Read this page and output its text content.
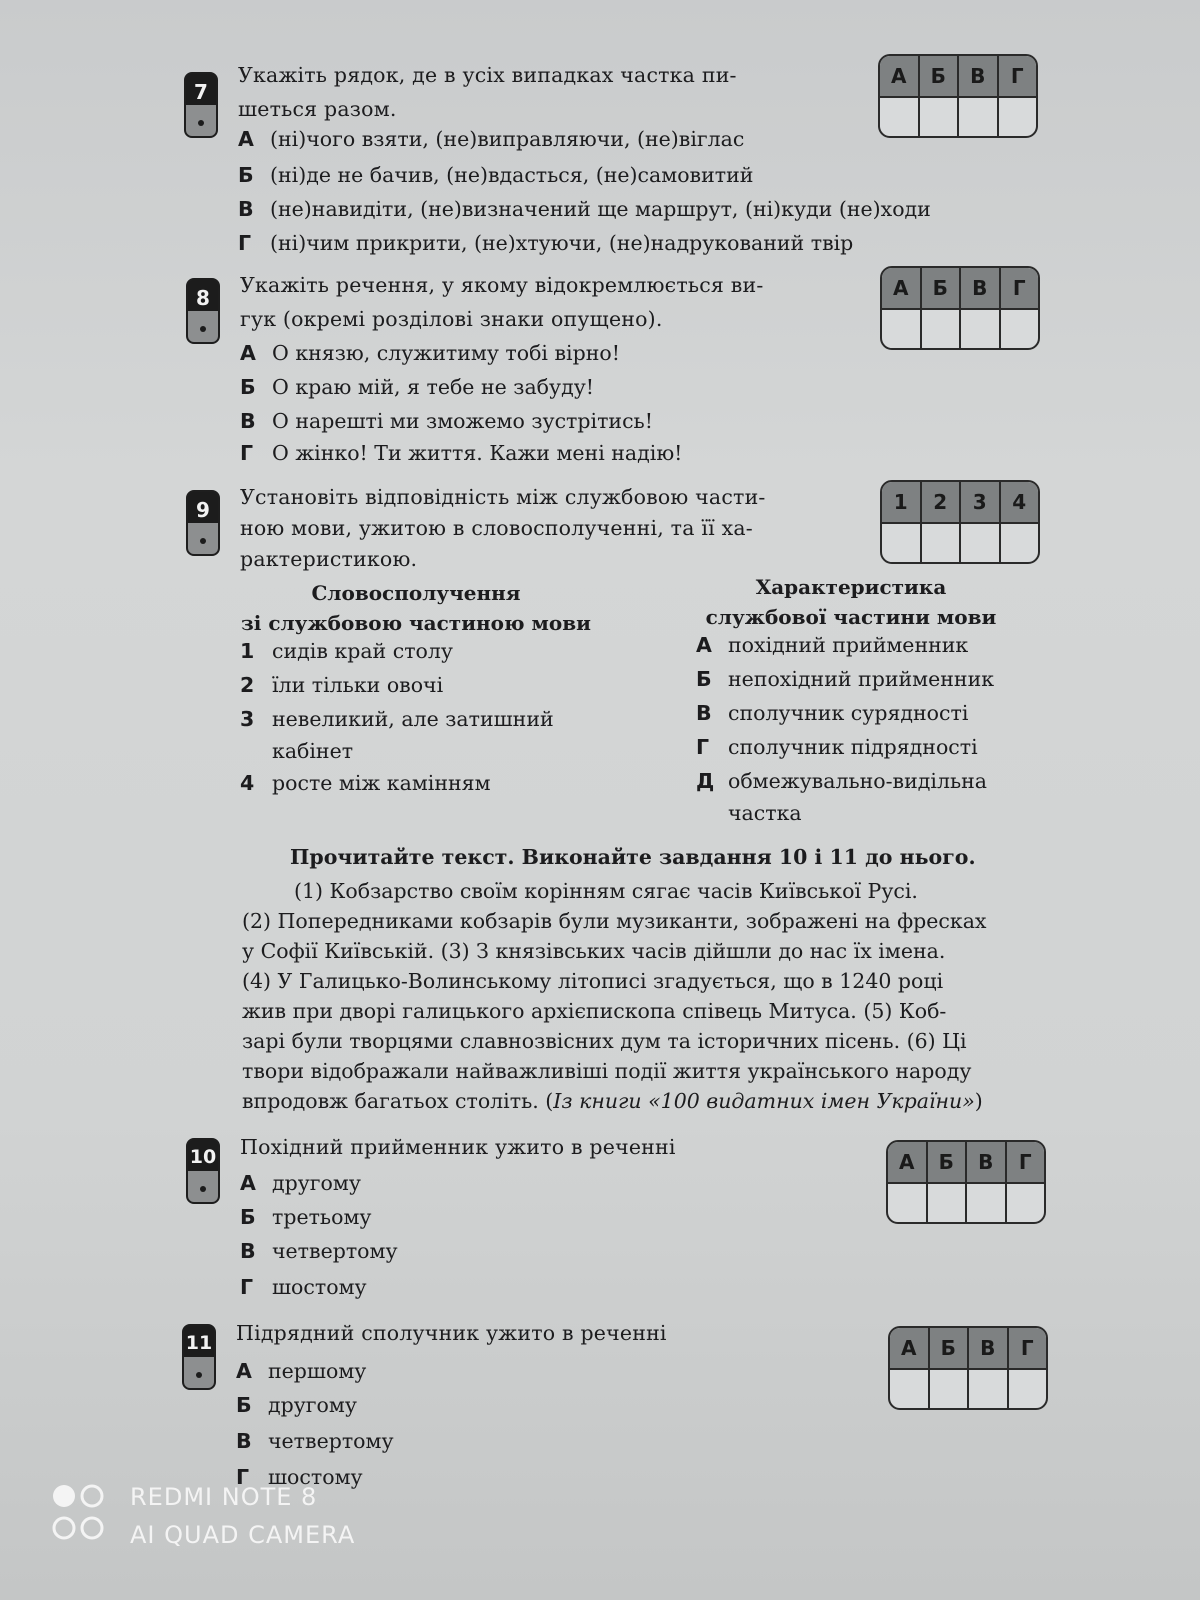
7
Укажіть рядок, де в усіх випадках частка пи-
шеться разом.
А (ні)чого взяти, (не)виправляючи, (не)віглас
Б (ні)де не бачив, (не)вдасться, (не)самовитий
В (не)навидіти, (не)визначений ще маршрут, (ні)куди (не)ходи
Г (ні)чим прикрити, (не)хтуючи, (не)надрукований твір
А	Б	В	Г
8
Укажіть речення, у якому відокремлюється ви-
гук (окремі розділові знаки опущено).
А О князю, служитиму тобі вірно!
Б О краю мій, я тебе не забуду!
В О нарешті ми зможемо зустрітись!
Г О жінко! Ти життя. Кажи мені надію!
А	Б	В	Г
9
Установіть відповідність між службовою части-
ною мови, ужитою в словосполученні, та її ха-
рактеристикою.
1	2	3	4
Словосполучення
зі службовою частиною мови
Характеристика
службової частини мови
1 сидів край столу
2 їли тільки овочі
3 невеликий, але затишний
кабінет
4 росте між камінням
А похідний прийменник
Б непохідний прийменник
В сполучник сурядності
Г сполучник підрядності
Д обмежувально-видільна
частка
Прочитайте текст. Виконайте завдання 10 і 11 до нього.
(1) Кобзарство своїм корінням сягає часів Київської Русі.
(2) Попередниками кобзарів були музиканти, зображені на фресках
у Софії Київській. (3) З князівських часів дійшли до нас їх імена.
(4) У Галицько-Волинському літописі згадується, що в 1240 році
жив при дворі галицького архієпископа співець Митуса. (5) Коб-
зарі були творцями славнозвісних дум та історичних пісень. (6) Ці
твори відображали найважливіші події життя українського народу
впродовж багатьох століть. (Із книги «100 видатних імен України»)
10 Похідний прийменник ужито в реченні
А другому
Б третьому
В четвертому
Г шостому
А	Б	В	Г
11 Підрядний сполучник ужито в реченні
А першому
Б другому
В четвертому
Г шостому
А	Б	В	Г
REDMI NOTE 8
AI QUAD CAMERA
